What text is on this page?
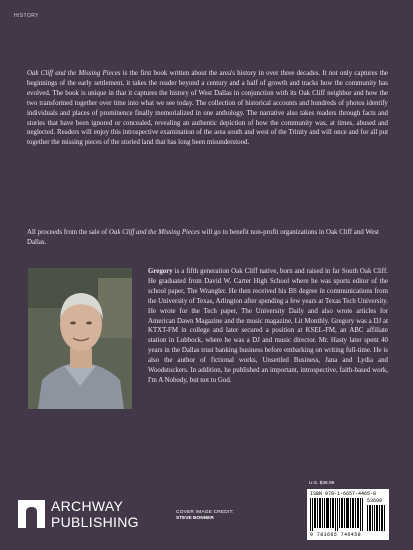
HISTORY

Oak Cliff and the Missing Pieces is the first book written about the area's history in over three decades. It not only captures the beginnings of the early settlement, it takes the reader beyond a century and a half of growth and tracks how the community has evolved. The book is unique in that it captures the history of West Dallas in conjunction with its Oak Cliff neighbor and how the two transformed together over time into what we see today. The collection of historical accounts and hundreds of photos identify individuals and places of prominence finally memorialized in one anthology. The narrative also takes readers through facts and stories that have been ignored or concealed, revealing an authentic depiction of how the community was, at times, abused and neglected. Readers will enjoy this introspective examination of the area south and west of the Trinity and will once and for all put together the missing pieces of the storied land that has long been misunderstood.

All proceeds from the sale of Oak Cliff and the Missing Pieces will go to benefit non-profit organizations in Oak Cliff and West Dallas.

Gregory is a fifth generation Oak Cliff native, born and raised in far South Oak Cliff. He graduated from David W. Carter High School where he was sports editor of the school paper, The Wrangler. He then received his BS degree in communications from the University of Texas, Arlington after spending a few years at Texas Tech University. He wrote for the Tech paper, The University Daily and also wrote articles for American Dawn Magazine and the music magazine, Lit Monthly. Gregory was a DJ at KTXT-FM in college and later secured a position at KSEL-FM, an ABC affiliate station in Lubbock, where he was a DJ and music director. Mr. Hasty later spent 40 years in the Dallas trust banking business before embarking on writing full-time. He is also the author of fictional works, Unsettled Business, Jana and Lydia and Woodstockers. In addition, he published an important, introspective, faith-based work, I'm A Nobody, but not to God.

ARCHWAY
PUBLISHING
COVER IMAGE CREDIT:
STEVE BONNER
U.S. $36.99
ISBN 978-1-6657-4465-8
53699
9 781665 746458
